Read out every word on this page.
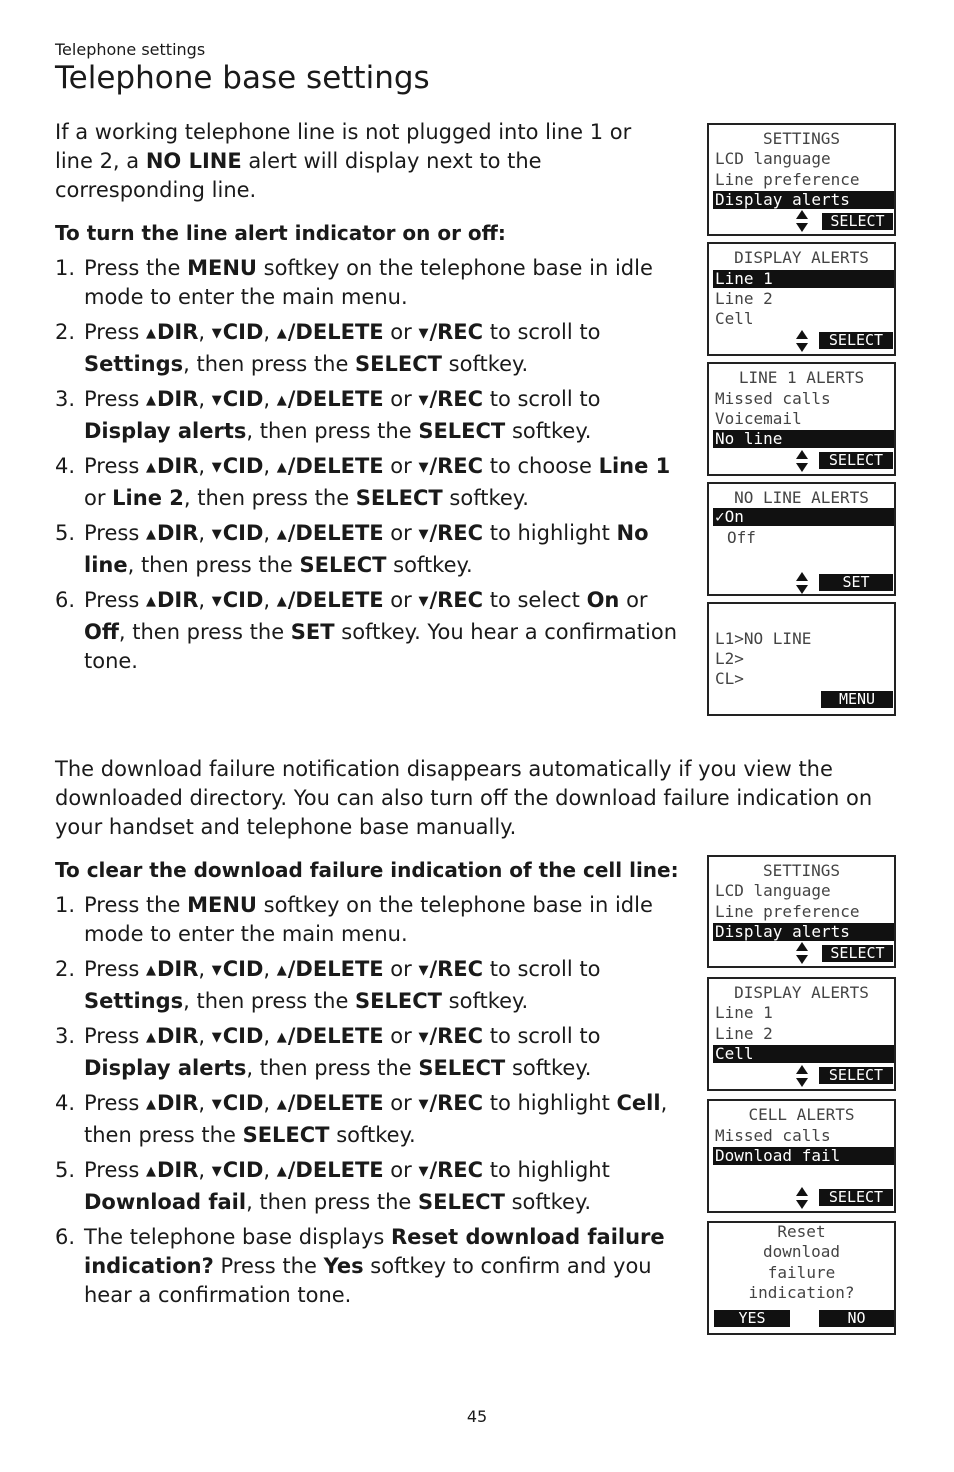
Telephone settings
Telephone base settings

If a working telephone line is not plugged into line 1 or line 2, a NO LINE alert will display next to the corresponding line.

To turn the line alert indicator on or off:

1. Press the MENU softkey on the telephone base in idle mode to enter the main menu.
2. Press ▲DIR, ▼CID, ▲/DELETE or ▼/REC to scroll to Settings, then press the SELECT softkey.
3. Press ▲DIR, ▼CID, ▲/DELETE or ▼/REC to scroll to Display alerts, then press the SELECT softkey.
4. Press ▲DIR, ▼CID, ▲/DELETE or ▼/REC to choose Line 1 or Line 2, then press the SELECT softkey.
5. Press ▲DIR, ▼CID, ▲/DELETE or ▼/REC to highlight No line, then press the SELECT softkey.
6. Press ▲DIR, ▼CID, ▲/DELETE or ▼/REC to select On or Off, then press the SET softkey. You hear a confirmation tone.

The download failure notification disappears automatically if you view the downloaded directory. You can also turn off the download failure indication on your handset and telephone base manually.

To clear the download failure indication of the cell line:

1. Press the MENU softkey on the telephone base in idle mode to enter the main menu.
2. Press ▲DIR, ▼CID, ▲/DELETE or ▼/REC to scroll to Settings, then press the SELECT softkey.
3. Press ▲DIR, ▼CID, ▲/DELETE or ▼/REC to scroll to Display alerts, then press the SELECT softkey.
4. Press ▲DIR, ▼CID, ▲/DELETE or ▼/REC to highlight Cell, then press the SELECT softkey.
5. Press ▲DIR, ▼CID, ▲/DELETE or ▼/REC to highlight Download fail, then press the SELECT softkey.
6. The telephone base displays Reset download failure indication? Press the Yes softkey to confirm and you hear a confirmation tone.
SETTINGS
LCD language
Line preference
Display alerts
SELECT
DISPLAY ALERTS
Line 1
Line 2
Cell
SELECT
LINE 1 ALERTS
Missed calls
Voicemail
No line
SELECT
NO LINE ALERTS
✓On
Off
SET
L1>NO LINE
L2>
CL>
MENU
SETTINGS
LCD language
Line preference
Display alerts
SELECT
DISPLAY ALERTS
Line 1
Line 2
Cell
SELECT
CELL ALERTS
Missed calls
Download fail
SELECT
Reset
download
failure
indication?
YES	NO
45
